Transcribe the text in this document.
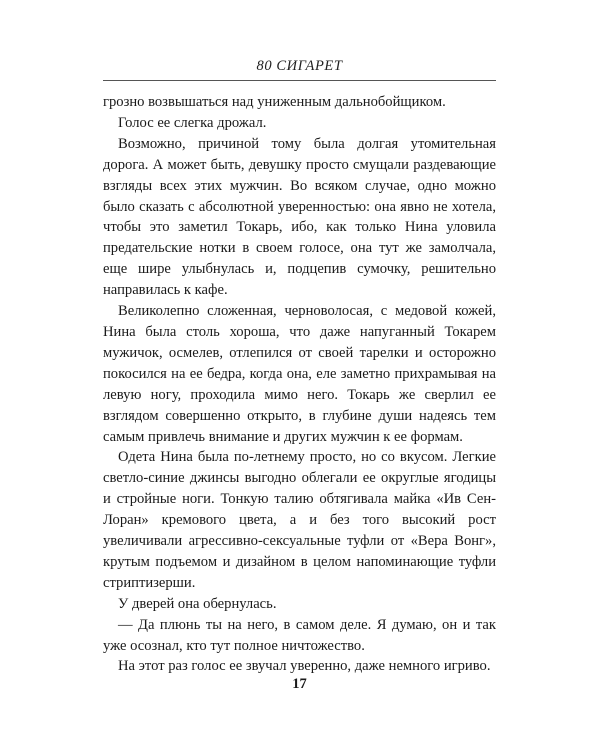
80 СИГАРЕТ

грозно возвышаться над униженным дальнобойщиком.

Голос ее слегка дрожал.

Возможно, причиной тому была долгая утомительная дорога. А может быть, девушку просто смущали раздевающие взгляды всех этих мужчин. Во всяком случае, одно можно было сказать с абсолютной уверенностью: она явно не хотела, чтобы это заметил Токарь, ибо, как только Нина уловила предательские нотки в своем голосе, она тут же замолчала, еще шире улыбнулась и, подцепив сумочку, решительно направилась к кафе.

Великолепно сложенная, черноволосая, с медовой кожей, Нина была столь хороша, что даже напуганный Токарем мужичок, осмелев, отлепился от своей тарелки и осторожно покосился на ее бедра, когда она, еле заметно прихрамывая на левую ногу, проходила мимо него. Токарь же сверлил ее взглядом совершенно открыто, в глубине души надеясь тем самым привлечь внимание и других мужчин к ее формам.

Одета Нина была по-летнему просто, но со вкусом. Легкие светло-синие джинсы выгодно облегали ее округлые ягодицы и стройные ноги. Тонкую талию обтягивала майка «Ив Сен-Лоран» кремового цвета, а и без того высокий рост увеличивали агрессивно-сексуальные туфли от «Вера Вонг», крутым подъемом и дизайном в целом напоминающие туфли стриптизерши.

У дверей она обернулась.

— Да плюнь ты на него, в самом деле. Я думаю, он и так уже осознал, кто тут полное ничтожество.

На этот раз голос ее звучал уверенно, даже немного игриво.

17
